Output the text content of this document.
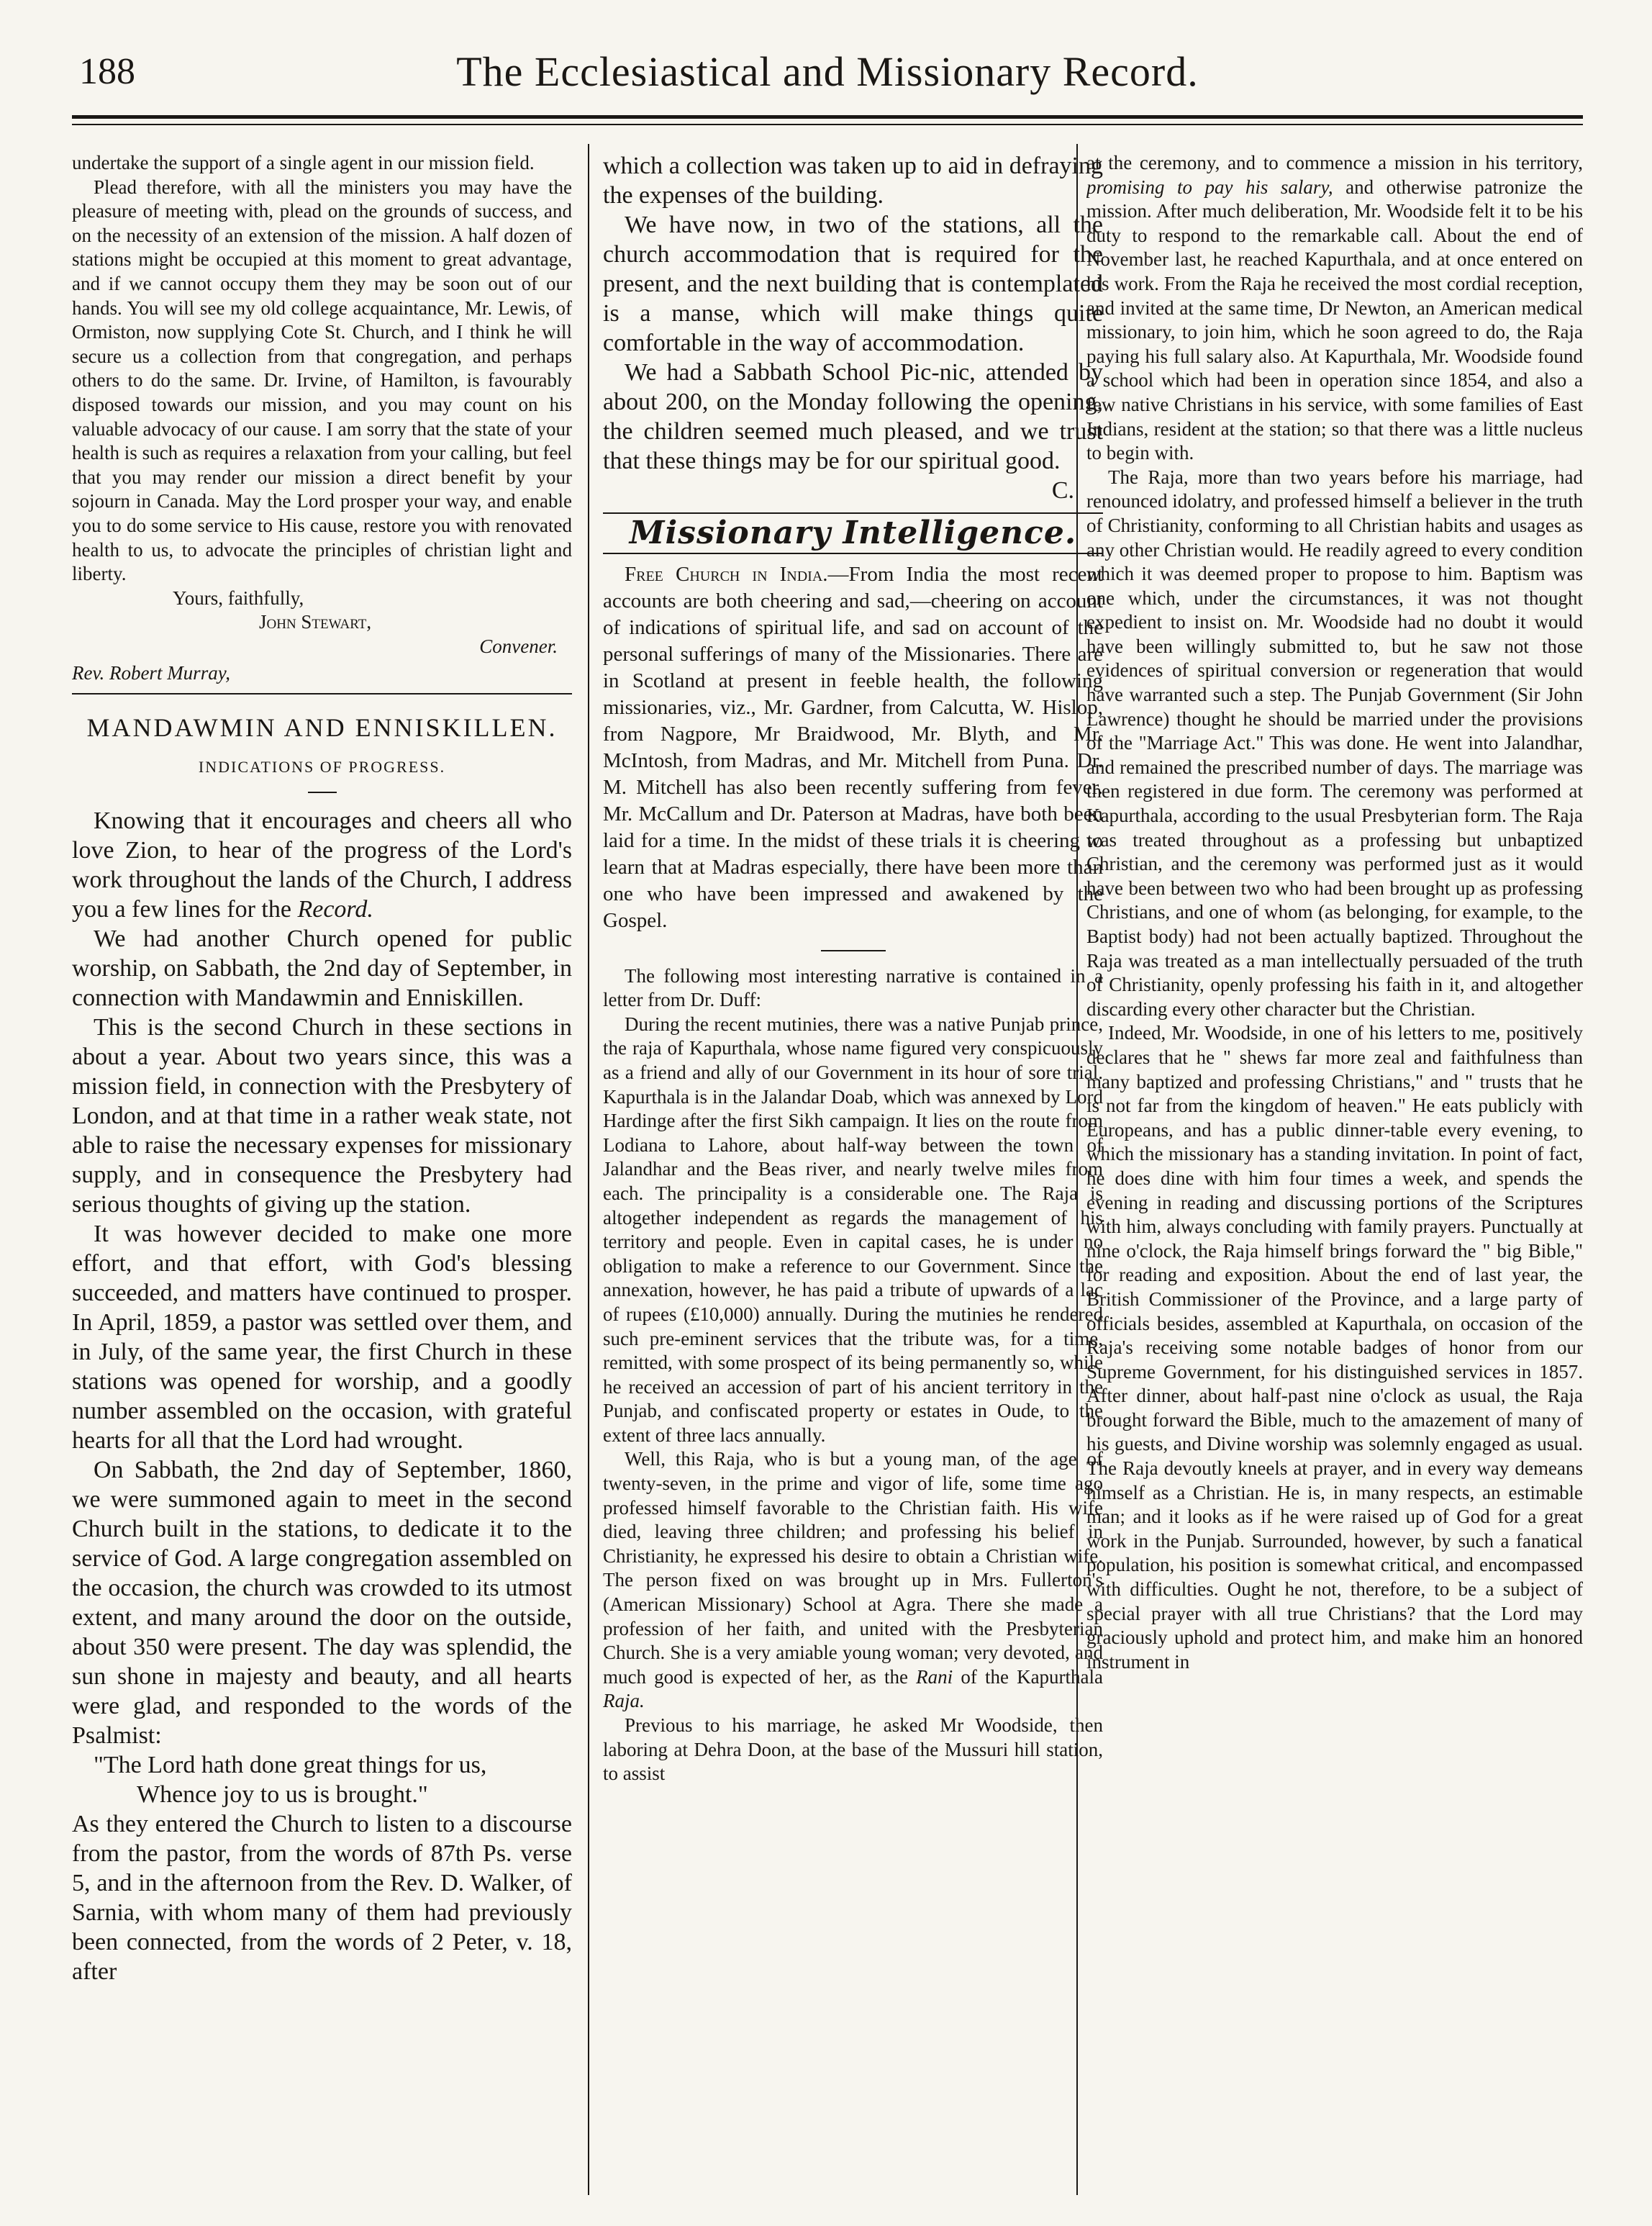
188	The Ecclesiastical and Missionary Record.

undertake the support of a single agent in our mission field.

Plead therefore, with all the ministers you may have the pleasure of meeting with, plead on the grounds of success, and on the necessity of an extension of the mission. A half dozen of stations might be occupied at this moment to great advantage, and if we cannot occupy them they may be soon out of our hands. You will see my old college acquaintance, Mr. Lewis, of Ormiston, now supplying Cote St. Church, and I think he will secure us a collection from that congregation, and perhaps others to do the same. Dr. Irvine, of Hamilton, is favourably disposed towards our mission, and you may count on his valuable advocacy of our cause. I am sorry that the state of your health is such as requires a relaxation from your calling, but feel that you may render our mission a direct benefit by your sojourn in Canada. May the Lord prosper your way, and enable you to do some service to His cause, restore you with renovated health to us, to advocate the principles of christian light and liberty.

Yours, faithfully,

John Stewart,

Convener.

Rev. Robert Murray,

MANDAWMIN AND ENNISKILLEN.
INDICATIONS OF PROGRESS.

Knowing that it encourages and cheers all who love Zion, to hear of the progress of the Lord's work throughout the lands of the Church, I address you a few lines for the Record.

We had another Church opened for public worship, on Sabbath, the 2nd day of September, in connection with Mandawmin and Enniskillen.

This is the second Church in these sections in about a year. About two years since, this was a mission field, in connection with the Presbytery of London, and at that time in a rather weak state, not able to raise the necessary expenses for missionary supply, and in consequence the Presbytery had serious thoughts of giving up the station.

It was however decided to make one more effort, and that effort, with God's blessing succeeded, and matters have continued to prosper. In April, 1859, a pastor was settled over them, and in July, of the same year, the first Church in these stations was opened for worship, and a goodly number assembled on the occasion, with grateful hearts for all that the Lord had wrought.

On Sabbath, the 2nd day of September, 1860, we were summoned again to meet in the second Church built in the stations, to dedicate it to the service of God. A large congregation assembled on the occasion, the church was crowded to its utmost extent, and many around the door on the outside, about 350 were present. The day was splendid, the sun shone in majesty and beauty, and all hearts were glad, and responded to the words of the Psalmist:

"The Lord hath done great things for us,

Whence joy to us is brought."

As they entered the Church to listen to a discourse from the pastor, from the words of 87th Ps. verse 5, and in the afternoon from the Rev. D. Walker, of Sarnia, with whom many of them had previously been connected, from the words of 2 Peter, v. 18, after

which a collection was taken up to aid in defraying the expenses of the building.

We have now, in two of the stations, all the church accommodation that is required for the present, and the next building that is contemplated is a manse, which will make things quite comfortable in the way of accommodation.

We had a Sabbath School Pic-nic, attended by about 200, on the Monday following the opening, the children seemed much pleased, and we trust that these things may be for our spiritual good.

C.

Missionary Intelligence.

Free Church in India.—From India the most recent accounts are both cheering and sad,—cheering on account of indications of spiritual life, and sad on account of the personal sufferings of many of the Missionaries. There are in Scotland at present in feeble health, the following missionaries, viz., Mr. Gardner, from Calcutta, W. Hislop, from Nagpore, Mr Braidwood, Mr. Blyth, and Mr. McIntosh, from Madras, and Mr. Mitchell from Puna. Dr. M. Mitchell has also been recently suffering from fever. Mr. McCallum and Dr. Paterson at Madras, have both been laid for a time. In the midst of these trials it is cheering to learn that at Madras especially, there have been more than one who have been impressed and awakened by the Gospel.

The following most interesting narrative is contained in a letter from Dr. Duff:

During the recent mutinies, there was a native Punjab prince, the raja of Kapurthala, whose name figured very conspicuously as a friend and ally of our Government in its hour of sore trial. Kapurthala is in the Jalandar Doab, which was annexed by Lord Hardinge after the first Sikh campaign. It lies on the route from Lodiana to Lahore, about half-way between the town of Jalandhar and the Beas river, and nearly twelve miles from each. The principality is a considerable one. The Raja is altogether independent as regards the management of his territory and people. Even in capital cases, he is under no obligation to make a reference to our Government. Since the annexation, however, he has paid a tribute of upwards of a lac of rupees (£10,000) annually. During the mutinies he rendered such pre-eminent services that the tribute was, for a time, remitted, with some prospect of its being permanently so, while he received an accession of part of his ancient territory in the Punjab, and confiscated property or estates in Oude, to the extent of three lacs annually.

Well, this Raja, who is but a young man, of the age of twenty-seven, in the prime and vigor of life, some time ago professed himself favorable to the Christian faith. His wife died, leaving three children; and professing his belief in Christianity, he expressed his desire to obtain a Christian wife. The person fixed on was brought up in Mrs. Fullerton's (American Missionary) School at Agra. There she made a profession of her faith, and united with the Presbyterian Church. She is a very amiable young woman; very devoted, and much good is expected of her, as the Rani of the Kapurthala Raja.

Previous to his marriage, he asked Mr Woodside, then laboring at Dehra Doon, at the base of the Mussuri hill station, to assist

at the ceremony, and to commence a mission in his territory, promising to pay his salary, and otherwise patronize the mission. After much deliberation, Mr. Woodside felt it to be his duty to respond to the remarkable call. About the end of November last, he reached Kapurthala, and at once entered on his work. From the Raja he received the most cordial reception, and invited at the same time, Dr Newton, an American medical missionary, to join him, which he soon agreed to do, the Raja paying his full salary also. At Kapurthala, Mr. Woodside found a school which had been in operation since 1854, and also a few native Christians in his service, with some families of East Indians, resident at the station; so that there was a little nucleus to begin with.

The Raja, more than two years before his marriage, had renounced idolatry, and professed himself a believer in the truth of Christianity, conforming to all Christian habits and usages as any other Christian would. He readily agreed to every condition which it was deemed proper to propose to him. Baptism was one which, under the circumstances, it was not thought expedient to insist on. Mr. Woodside had no doubt it would have been willingly submitted to, but he saw not those evidences of spiritual conversion or regeneration that would have warranted such a step. The Punjab Government (Sir John Lawrence) thought he should be married under the provisions of the "Marriage Act." This was done. He went into Jalandhar, and remained the prescribed number of days. The marriage was then registered in due form. The ceremony was performed at Kapurthala, according to the usual Presbyterian form. The Raja was treated throughout as a professing but unbaptized Christian, and the ceremony was performed just as it would have been between two who had been brought up as professing Christians, and one of whom (as belonging, for example, to the Baptist body) had not been actually baptized. Throughout the Raja was treated as a man intellectually persuaded of the truth of Christianity, openly professing his faith in it, and altogether discarding every other character but the Christian.

Indeed, Mr. Woodside, in one of his letters to me, positively declares that he " shews far more zeal and faithfulness than many baptized and professing Christians," and " trusts that he is not far from the kingdom of heaven." He eats publicly with Europeans, and has a public dinner-table every evening, to which the missionary has a standing invitation. In point of fact, he does dine with him four times a week, and spends the evening in reading and discussing portions of the Scriptures with him, always concluding with family prayers. Punctually at nine o'clock, the Raja himself brings forward the " big Bible," for reading and exposition. About the end of last year, the British Commissioner of the Province, and a large party of officials besides, assembled at Kapurthala, on occasion of the Raja's receiving some notable badges of honor from our Supreme Government, for his distinguished services in 1857. After dinner, about half-past nine o'clock as usual, the Raja brought forward the Bible, much to the amazement of many of his guests, and Divine worship was solemnly engaged as usual. The Raja devoutly kneels at prayer, and in every way demeans himself as a Christian. He is, in many respects, an estimable man; and it looks as if he were raised up of God for a great work in the Punjab. Surrounded, however, by such a fanatical population, his position is somewhat critical, and encompassed with difficulties. Ought he not, therefore, to be a subject of special prayer with all true Christians? that the Lord may graciously uphold and protect him, and make him an honored instrument in
